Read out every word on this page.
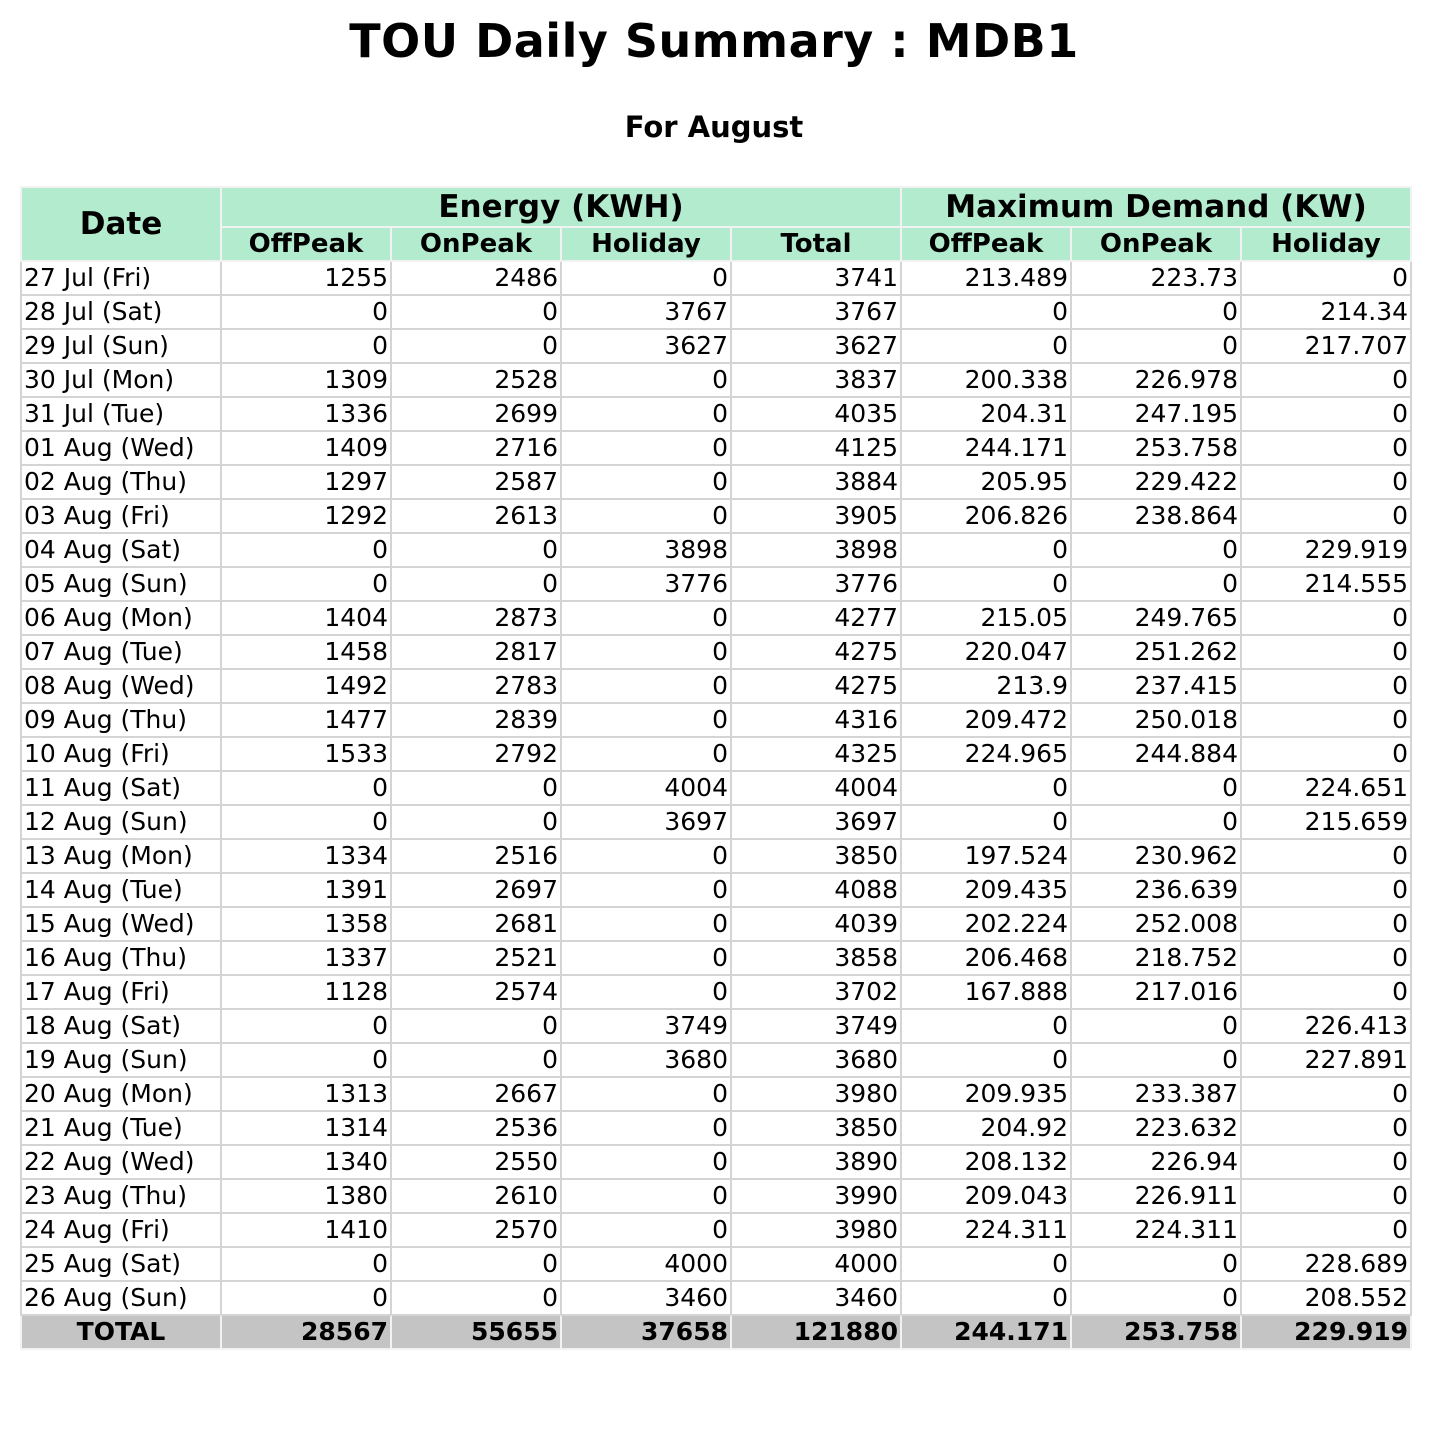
TOU Daily Summary : MDB1
For August
Date	Energy (KWH)				Maximum Demand (KW)		
	OffPeak	OnPeak	Holiday	Total	OffPeak	OnPeak	Holiday
27 Jul (Fri)	1255	2486	0	3741	213.489	223.73	0
28 Jul (Sat)	0	0	3767	3767	0	0	214.34
29 Jul (Sun)	0	0	3627	3627	0	0	217.707
30 Jul (Mon)	1309	2528	0	3837	200.338	226.978	0
31 Jul (Tue)	1336	2699	0	4035	204.31	247.195	0
01 Aug (Wed)	1409	2716	0	4125	244.171	253.758	0
02 Aug (Thu)	1297	2587	0	3884	205.95	229.422	0
03 Aug (Fri)	1292	2613	0	3905	206.826	238.864	0
04 Aug (Sat)	0	0	3898	3898	0	0	229.919
05 Aug (Sun)	0	0	3776	3776	0	0	214.555
06 Aug (Mon)	1404	2873	0	4277	215.05	249.765	0
07 Aug (Tue)	1458	2817	0	4275	220.047	251.262	0
08 Aug (Wed)	1492	2783	0	4275	213.9	237.415	0
09 Aug (Thu)	1477	2839	0	4316	209.472	250.018	0
10 Aug (Fri)	1533	2792	0	4325	224.965	244.884	0
11 Aug (Sat)	0	0	4004	4004	0	0	224.651
12 Aug (Sun)	0	0	3697	3697	0	0	215.659
13 Aug (Mon)	1334	2516	0	3850	197.524	230.962	0
14 Aug (Tue)	1391	2697	0	4088	209.435	236.639	0
15 Aug (Wed)	1358	2681	0	4039	202.224	252.008	0
16 Aug (Thu)	1337	2521	0	3858	206.468	218.752	0
17 Aug (Fri)	1128	2574	0	3702	167.888	217.016	0
18 Aug (Sat)	0	0	3749	3749	0	0	226.413
19 Aug (Sun)	0	0	3680	3680	0	0	227.891
20 Aug (Mon)	1313	2667	0	3980	209.935	233.387	0
21 Aug (Tue)	1314	2536	0	3850	204.92	223.632	0
22 Aug (Wed)	1340	2550	0	3890	208.132	226.94	0
23 Aug (Thu)	1380	2610	0	3990	209.043	226.911	0
24 Aug (Fri)	1410	2570	0	3980	224.311	224.311	0
25 Aug (Sat)	0	0	4000	4000	0	0	228.689
26 Aug (Sun)	0	0	3460	3460	0	0	208.552
TOTAL	28567	55655	37658	121880	244.171	253.758	229.919
